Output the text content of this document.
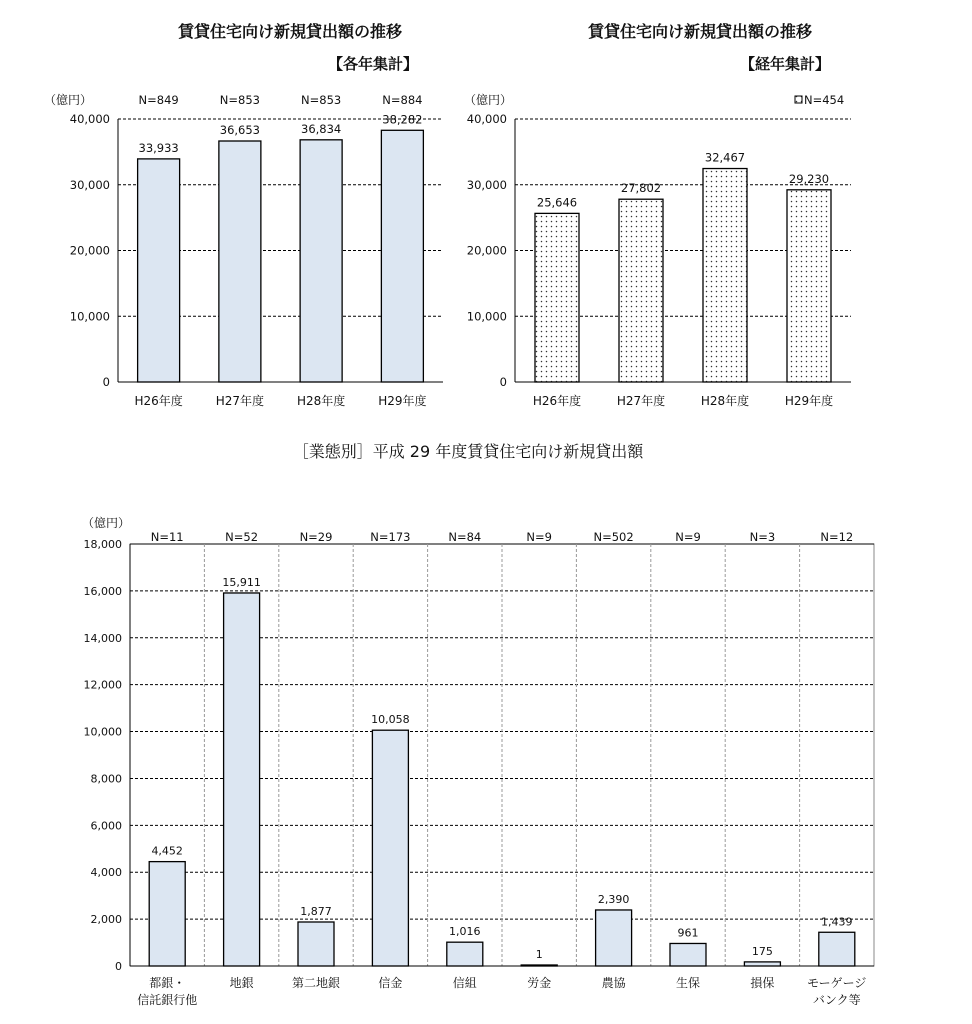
賃貸住宅向け新規貸出額の推移
【各年集計】
（億円）
0
10,000
20,000
30,000
40,000
33,933
H26年度
N=849
36,653
H27年度
N=853
36,834
H28年度
N=853
38,282
H29年度
N=884
賃貸住宅向け新規貸出額の推移
【経年集計】
（億円）	N=454
0
10,000
20,000
30,000
40,000
25,646
H26年度
27,802
H27年度
32,467
H28年度
29,230
H29年度
［業態別］平成 29 年度賃貸住宅向け新規貸出額
（億円）
0
2,000
4,000
6,000
8,000
10,000
12,000
14,000
16,000
18,000
4,452
都銀・
信託銀行他
N=11
15,911
地銀
N=52
1,877
第二地銀
N=29
10,058
信金
N=173
1,016
信組
N=84
1
労金
N=9
2,390
農協
N=502
961
生保
N=9
175
損保
N=3
1,439
モーゲージ
バンク等
N=12
